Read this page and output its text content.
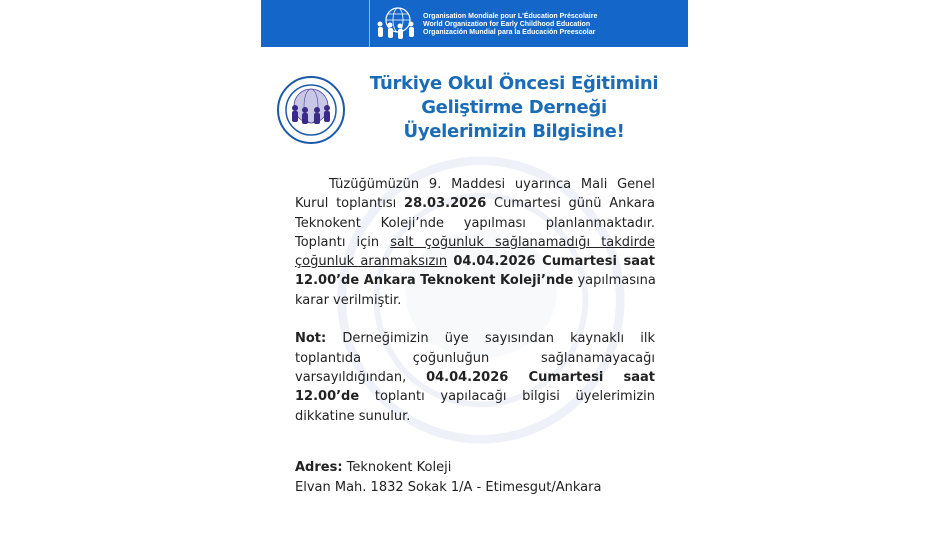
Organisation Mondiale pour L'Éducation Préscolaire
World Organization for Early Childhood Education
Organización Mundial para la Educación Preescolar
Türkiye Okul Öncesi Eğitimini
Geliştirme Derneği
Üyelerimizin Bilgisine!
Tüzüğümüzün 9. Maddesi uyarınca Mali Genel
Kurul toplantısı 28.03.2026 Cumartesi günü Ankara
Teknokent Koleji’nde yapılması planlanmaktadır.
Toplantı için salt çoğunluk sağlanamadığı takdirde
çoğunluk aranmaksızın 04.04.2026 Cumartesi saat
12.00’de Ankara Teknokent Koleji’nde yapılmasına
karar verilmiştir.
Not: Derneğimizin üye sayısından kaynaklı ilk
toplantıda çoğunluğun sağlanamayacağı
varsayıldığından, 04.04.2026 Cumartesi saat
12.00’de toplantı yapılacağı bilgisi üyelerimizin
dikkatine sunulur.
Adres: Teknokent Koleji
Elvan Mah. 1832 Sokak 1/A - Etimesgut/Ankara
